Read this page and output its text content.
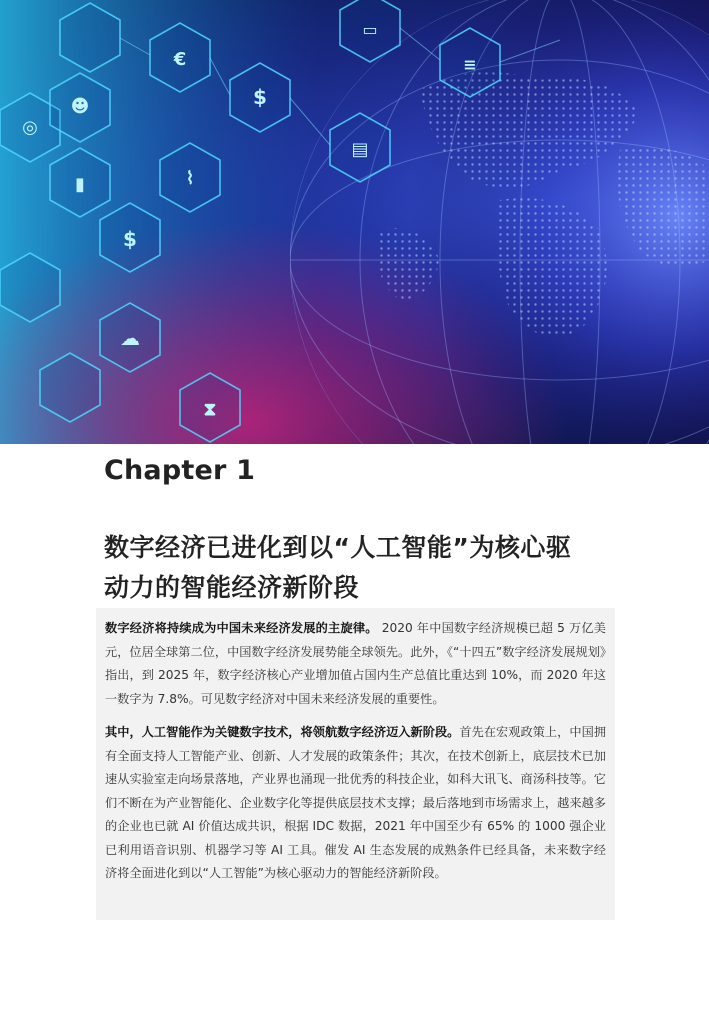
€
☻
◎
$
▮	⌇
$
☁
⧗
▤
≡
▭
Chapter 1
数字经济已进化到以“人工智能”为核心驱
动力的智能经济新阶段

数字经济将持续成为中国未来经济发展的主旋律。 2020 年中国数字经济规模已超 5 万亿美元，位居全球第二位，中国数字经济发展势能全球领先。此外，《“十四五”数字经济发展规划》指出，到 2025 年，数字经济核心产业增加值占国内生产总值比重达到 10%，而 2020 年这一数字为 7.8%。可见数字经济对中国未来经济发展的重要性。

其中，人工智能作为关键数字技术，将领航数字经济迈入新阶段。首先在宏观政策上，中国拥有全面支持人工智能产业、创新、人才发展的政策条件；其次，在技术创新上，底层技术已加速从实验室走向场景落地，产业界也涌现一批优秀的科技企业，如科大讯飞、商汤科技等。它们不断在为产业智能化、企业数字化等提供底层技术支撑；最后落地到市场需求上，越来越多的企业也已就 AI 价值达成共识，根据 IDC 数据，2021 年中国至少有 65% 的 1000 强企业已利用语音识别、机器学习等 AI 工具。催发 AI 生态发展的成熟条件已经具备，未来数字经济将全面进化到以“人工智能”为核心驱动力的智能经济新阶段。
